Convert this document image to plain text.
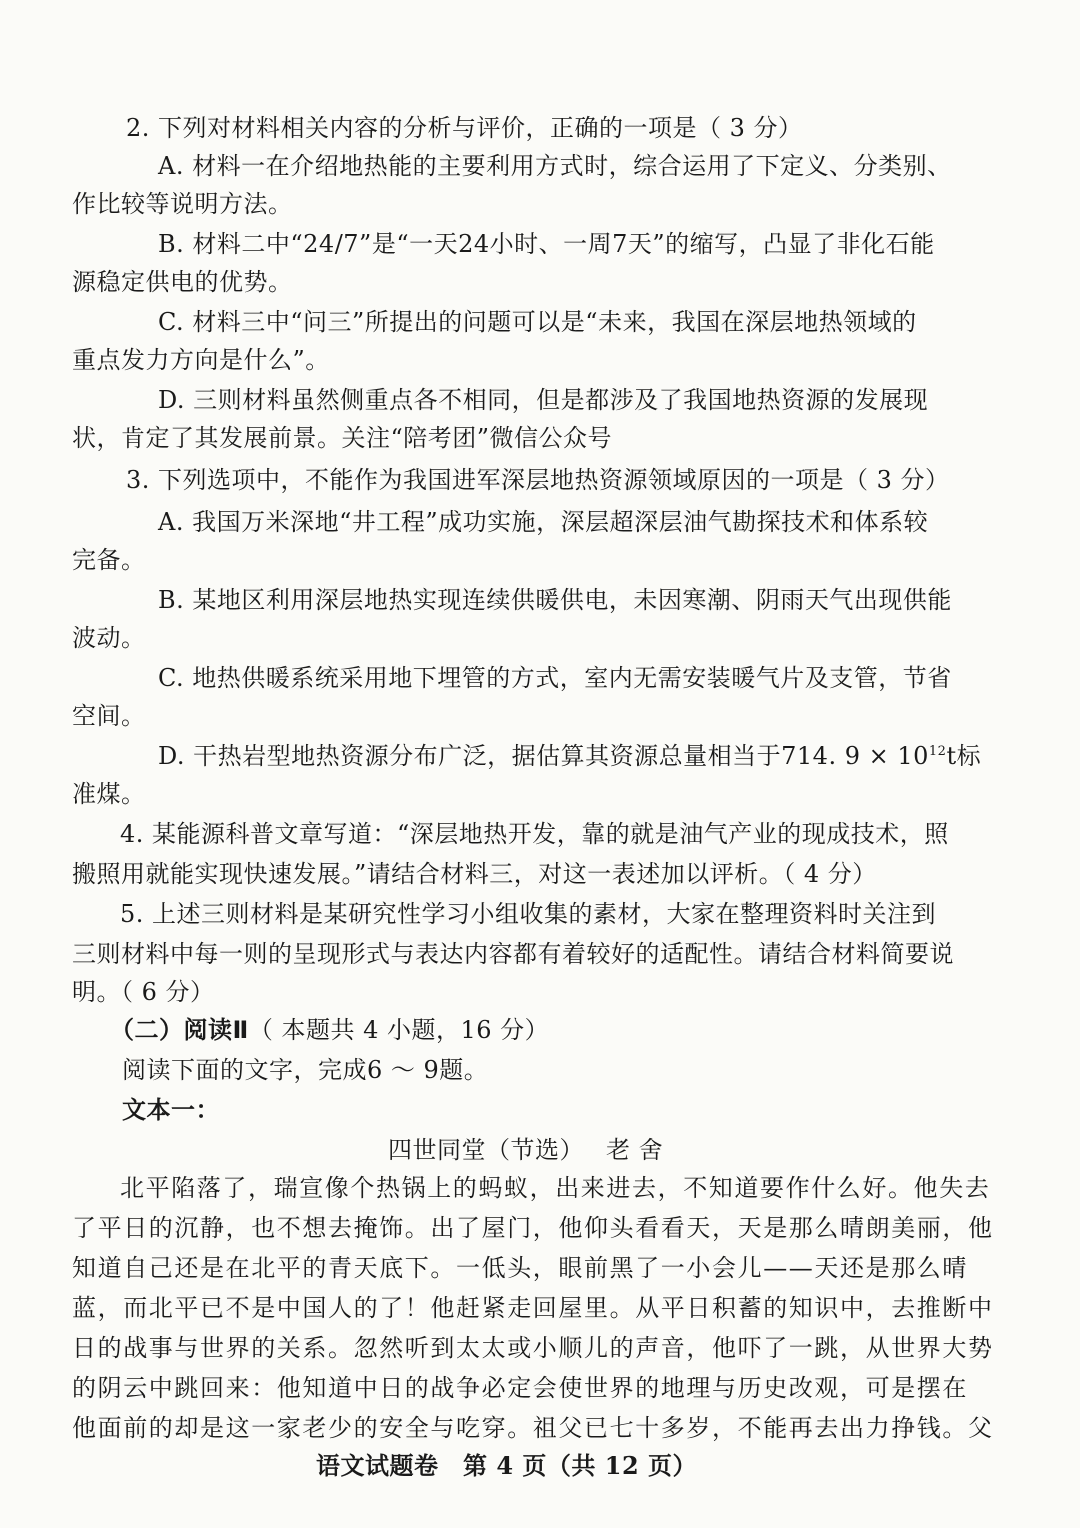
2. 下列对材料相关内容的分析与评价，正确的一项是（ 3 分）
A. 材料一在介绍地热能的主要利用方式时，综合运用了下定义、分类别、
作比较等说明方法。
B. 材料二中“24/7”是“一天24小时、一周7天”的缩写，凸显了非化石能
源稳定供电的优势。
C. 材料三中“问三”所提出的问题可以是“未来，我国在深层地热领域的
重点发力方向是什么”。
D. 三则材料虽然侧重点各不相同，但是都涉及了我国地热资源的发展现
状，肯定了其发展前景。关注“陪考团”微信公众号
3. 下列选项中，不能作为我国进军深层地热资源领域原因的一项是（ 3 分）
A. 我国万米深地“井工程”成功实施，深层超深层油气勘探技术和体系较
完备。
B. 某地区利用深层地热实现连续供暖供电，未因寒潮、阴雨天气出现供能
波动。
C. 地热供暖系统采用地下埋管的方式，室内无需安装暖气片及支管，节省
空间。
D. 干热岩型地热资源分布广泛，据估算其资源总量相当于714. $9 \times 10^{12}t$标
准煤。
4. 某能源科普文章写道：“深层地热开发，靠的就是油气产业的现成技术，照
搬照用就能实现快速发展。”请结合材料三，对这一表述加以评析。（ 4 分）
5. 上述三则材料是某研究性学习小组收集的素材，大家在整理资料时关注到
三则材料中每一则的呈现形式与表达内容都有着较好的适配性。请结合材料简要说
明。（ 6 分）
（二）阅读Ⅱ（ 本题共 4 小题，16 分）
阅读下面的文字，完成6 ～ 9题。
文本一：
四世同堂（节选） 老 舍
北平陷落了，瑞宣像个热锅上的蚂蚁，出来进去，不知道要作什么好。他失去
了平日的沉静，也不想去掩饰。出了屋门，他仰头看看天，天是那么晴朗美丽，他
知道自己还是在北平的青天底下。一低头，眼前黑了一小会儿——天还是那么晴
蓝，而北平已不是中国人的了！他赶紧走回屋里。从平日积蓄的知识中，去推断中
日的战事与世界的关系。忽然听到太太或小顺儿的声音，他吓了一跳，从世界大势
的阴云中跳回来：他知道中日的战争必定会使世界的地理与历史改观，可是摆在
他面前的却是这一家老少的安全与吃穿。祖父已七十多岁，不能再去出力挣钱。父
语文试题卷　第 4 页（共 12 页）
